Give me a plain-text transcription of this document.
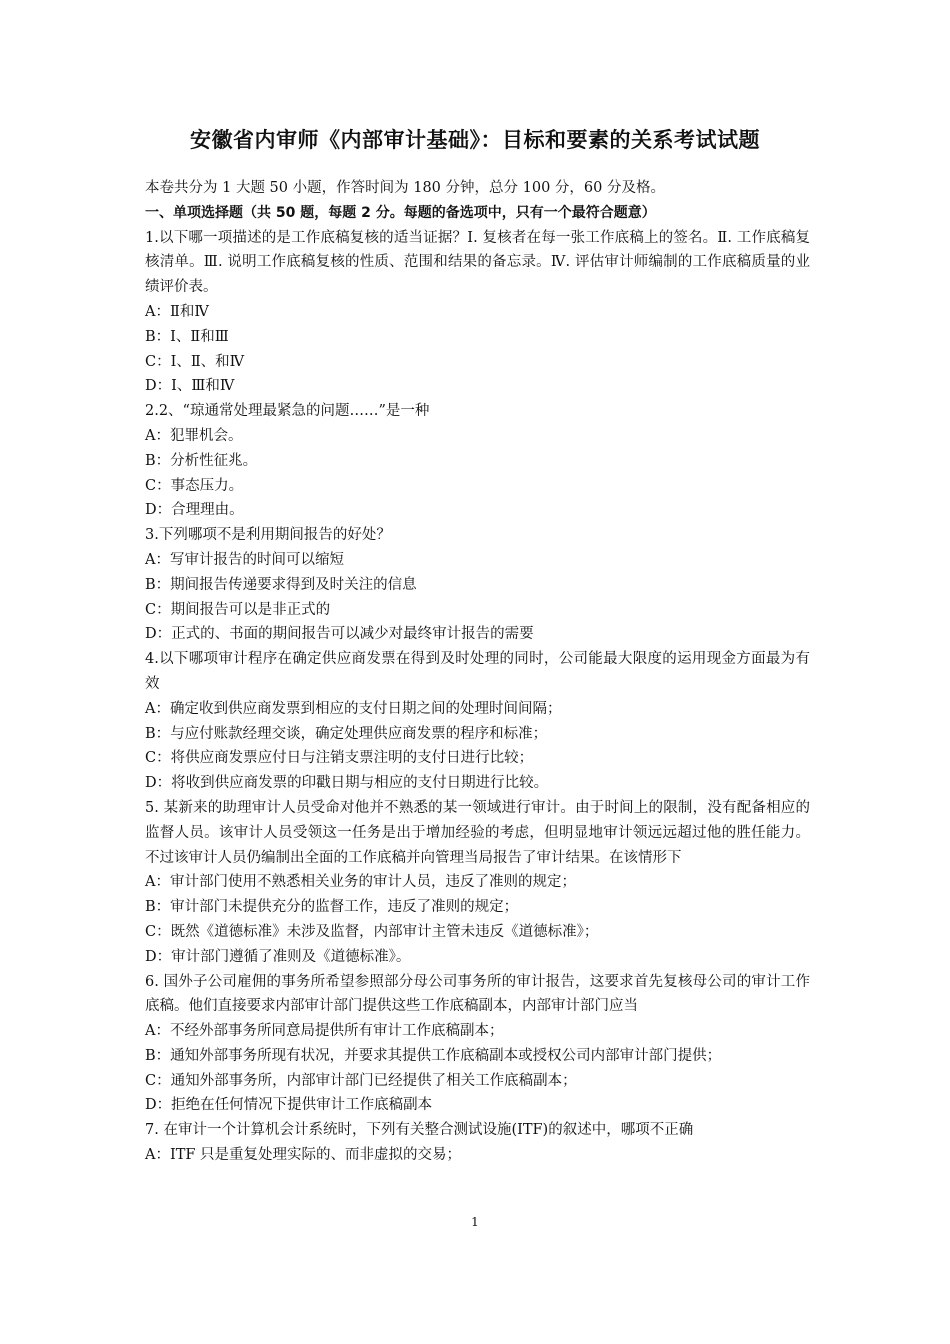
安徽省内审师《内部审计基础》：目标和要素的关系考试试题

本卷共分为 1 大题 50 小题，作答时间为 180 分钟，总分 100 分，60 分及格。

一、单项选择题（共 50 题，每题 2 分。每题的备选项中，只有一个最符合题意）

1.以下哪一项描述的是工作底稿复核的适当证据？Ⅰ. 复核者在每一张工作底稿上的签名。Ⅱ. 工作底稿复核清单。Ⅲ. 说明工作底稿复核的性质、范围和结果的备忘录。Ⅳ. 评估审计师编制的工作底稿质量的业绩评价表。

A：Ⅱ和Ⅳ

B：Ⅰ、Ⅱ和Ⅲ

C：Ⅰ、Ⅱ、和Ⅳ

D：Ⅰ、Ⅲ和Ⅳ

2.2、“琼通常处理最紧急的问题……”是一种

A：犯罪机会。

B：分析性征兆。

C：事态压力。

D：合理理由。

3.下列哪项不是利用期间报告的好处？

A：写审计报告的时间可以缩短

B：期间报告传递要求得到及时关注的信息

C：期间报告可以是非正式的

D：正式的、书面的期间报告可以减少对最终审计报告的需要

4.以下哪项审计程序在确定供应商发票在得到及时处理的同时，公司能最大限度的运用现金方面最为有效

A：确定收到供应商发票到相应的支付日期之间的处理时间间隔；

B：与应付账款经理交谈，确定处理供应商发票的程序和标准；

C：将供应商发票应付日与注销支票注明的支付日进行比较；

D：将收到供应商发票的印戳日期与相应的支付日期进行比较。

5. 某新来的助理审计人员受命对他并不熟悉的某一领域进行审计。由于时间上的限制，没有配备相应的监督人员。该审计人员受领这一任务是出于增加经验的考虑，但明显地审计领远远超过他的胜任能力。不过该审计人员仍编制出全面的工作底稿并向管理当局报告了审计结果。在该情形下

A：审计部门使用不熟悉相关业务的审计人员，违反了准则的规定；

B：审计部门未提供充分的监督工作，违反了准则的规定；

C：既然《道德标准》未涉及监督，内部审计主管未违反《道德标准》；

D：审计部门遵循了准则及《道德标准》。

6. 国外子公司雇佣的事务所希望参照部分母公司事务所的审计报告，这要求首先复核母公司的审计工作底稿。他们直接要求内部审计部门提供这些工作底稿副本，内部审计部门应当

A：不经外部事务所同意局提供所有审计工作底稿副本；

B：通知外部事务所现有状况，并要求其提供工作底稿副本或授权公司内部审计部门提供；

C：通知外部事务所，内部审计部门已经提供了相关工作底稿副本；

D：拒绝在任何情况下提供审计工作底稿副本

7. 在审计一个计算机会计系统时，下列有关整合测试设施(ITF)的叙述中，哪项不正确

A：ITF 只是重复处理实际的、而非虚拟的交易；

1
